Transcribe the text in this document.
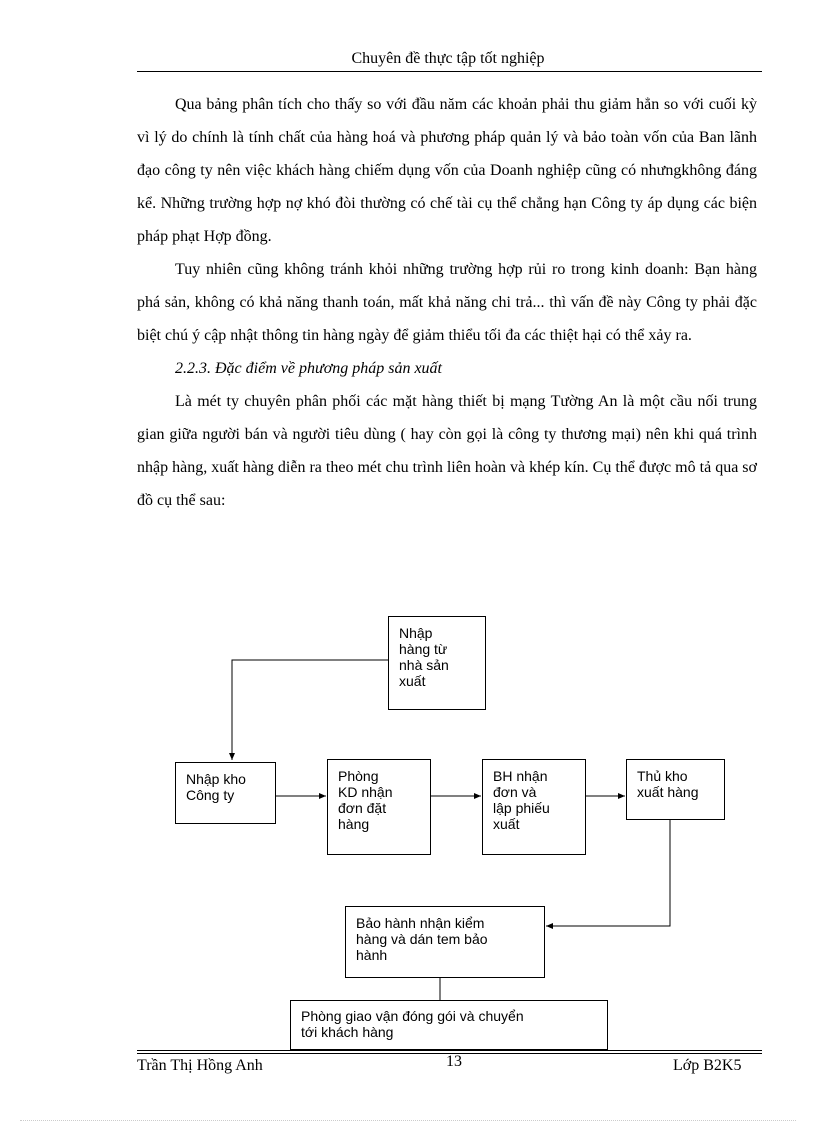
Chuyên đề thực tập tốt nghiệp

Qua bảng phân tích cho thấy so với đầu năm các khoản phải thu giảm hẳn so với cuối kỳ vì lý do chính là tính chất của hàng hoá và phương pháp quản lý và bảo toàn vốn của Ban lãnh đạo công ty nên việc khách hàng chiếm dụng vốn của Doanh nghiệp cũng có nhưngkhông đáng kể. Những trường hợp nợ khó đòi thường có chế tài cụ thể chẳng hạn Công ty áp dụng các biện pháp phạt Hợp đồng.

Tuy nhiên cũng không tránh khỏi những trường hợp rủi ro trong kinh doanh: Bạn hàng phá sản, không có khả năng thanh toán, mất khả năng chi trả... thì vấn đề này Công ty phải đặc biệt chú ý cập nhật thông tin hàng ngày để giảm thiểu tối đa các thiệt hại có thể xảy ra.

2.2.3. Đặc điểm về phương pháp sản xuất

Là mét ty chuyên phân phối các mặt hàng thiết bị mạng Tường An là một cầu nối trung gian giữa người bán và người tiêu dùng ( hay còn gọi là công ty thương mại) nên khi quá trình nhập hàng, xuất hàng diễn ra theo mét chu trình liên hoàn và khép kín. Cụ thể được mô tả qua sơ đồ cụ thể sau:

Nhập
hàng từ
nhà sản
xuất
Nhập kho
Công ty
Phòng
KD nhận
đơn đặt
hàng
BH nhận
đơn và
lập phiếu
xuất
Thủ kho
xuất hàng
Bảo hành nhận kiểm
hàng và dán tem bảo
hành
Phòng giao vận đóng gói và chuyển
tới khách hàng
Trần Thị Hồng Anh	13	Lớp B2K5
